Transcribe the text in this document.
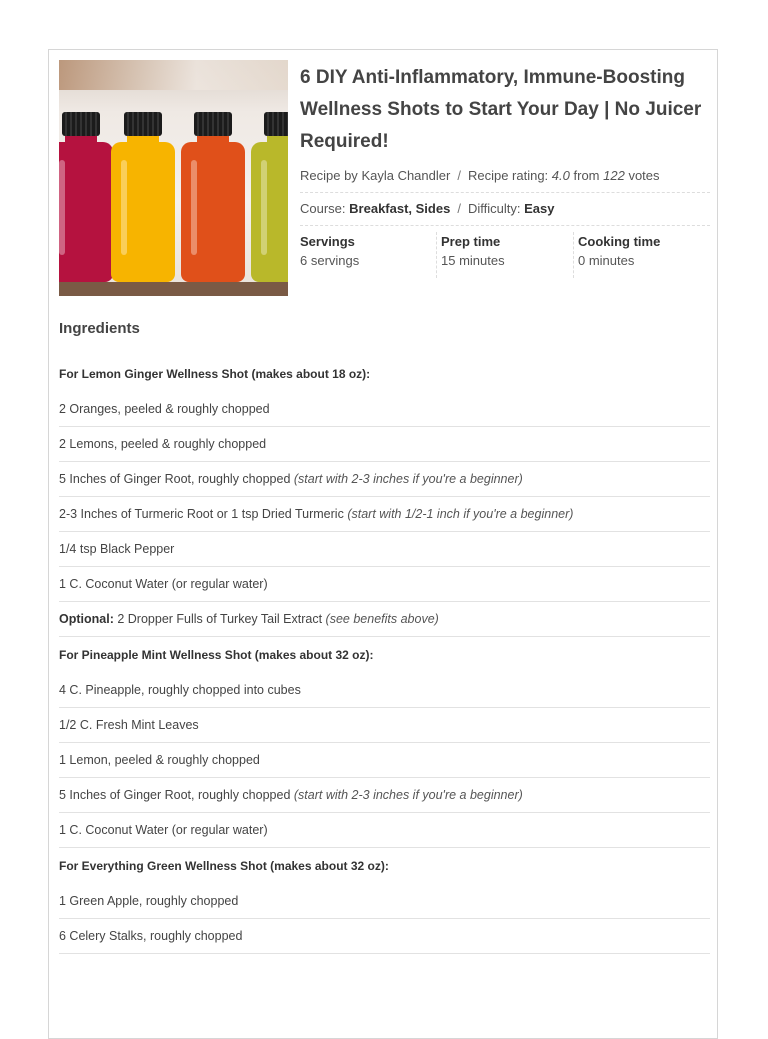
6 DIY Anti-Inflammatory, Immune-Boosting Wellness Shots to Start Your Day | No Juicer Required!
Recipe by Kayla Chandler / Recipe rating: 4.0 from 122 votes
Course: Breakfast, Sides / Difficulty: Easy
Servings
6 servings
Prep time
15 minutes
Cooking time
0 minutes
Ingredients
For Lemon Ginger Wellness Shot (makes about 18 oz):
2 Oranges, peeled & roughly chopped
2 Lemons, peeled & roughly chopped
5 Inches of Ginger Root, roughly chopped (start with 2-3 inches if you're a beginner)
2-3 Inches of Turmeric Root or 1 tsp Dried Turmeric (start with 1/2-1 inch if you're a beginner)
1/4 tsp Black Pepper
1 C. Coconut Water (or regular water)
Optional: 2 Dropper Fulls of Turkey Tail Extract (see benefits above)
For Pineapple Mint Wellness Shot (makes about 32 oz):
4 C. Pineapple, roughly chopped into cubes
1/2 C. Fresh Mint Leaves
1 Lemon, peeled & roughly chopped
5 Inches of Ginger Root, roughly chopped (start with 2-3 inches if you're a beginner)
1 C. Coconut Water (or regular water)
For Everything Green Wellness Shot (makes about 32 oz):
1 Green Apple, roughly chopped
6 Celery Stalks, roughly chopped
